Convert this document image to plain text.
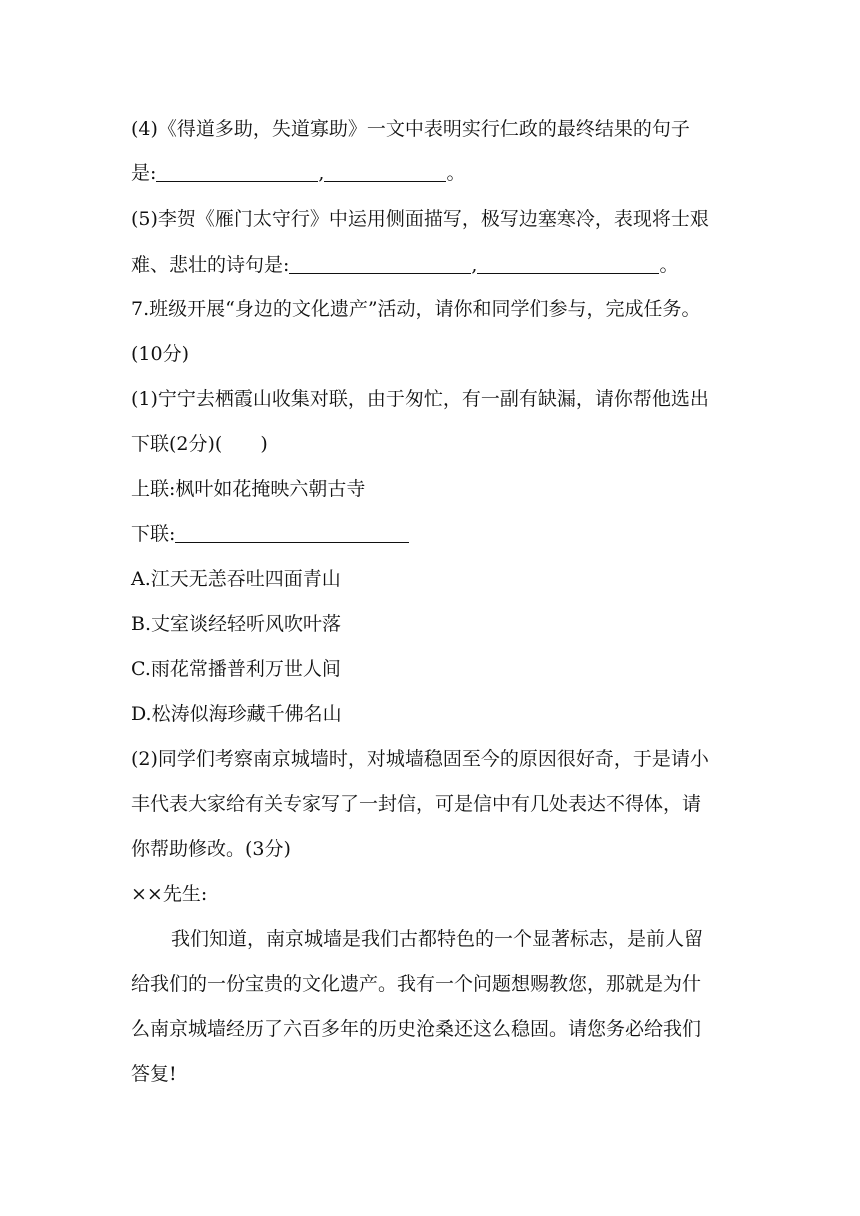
(4)《得道多助，失道寡助》一文中表明实行仁政的最终结果的句子
是:	,	。
(5)李贺《雁门太守行》中运用侧面描写，极写边塞寒冷，表现将士艰
难、悲壮的诗句是:	,	。
7.班级开展“身边的文化遗产”活动，请你和同学们参与，完成任务。
(10分)
(1)宁宁去栖霞山收集对联，由于匆忙，有一副有缺漏，请你帮他选出
下联(2分)(　　)
上联:枫叶如花掩映六朝古寺
下联:
A.江天无恙吞吐四面青山
B.丈室谈经轻听风吹叶落
C.雨花常播普利万世人间
D.松涛似海珍藏千佛名山
(2)同学们考察南京城墙时，对城墙稳固至今的原因很好奇，于是请小
丰代表大家给有关专家写了一封信，可是信中有几处表达不得体，请
你帮助修改。(3分)
××先生:
我们知道，南京城墙是我们古都特色的一个显著标志，是前人留
给我们的一份宝贵的文化遗产。我有一个问题想赐教您，那就是为什
么南京城墙经历了六百多年的历史沧桑还这么稳固。请您务必给我们
答复!
